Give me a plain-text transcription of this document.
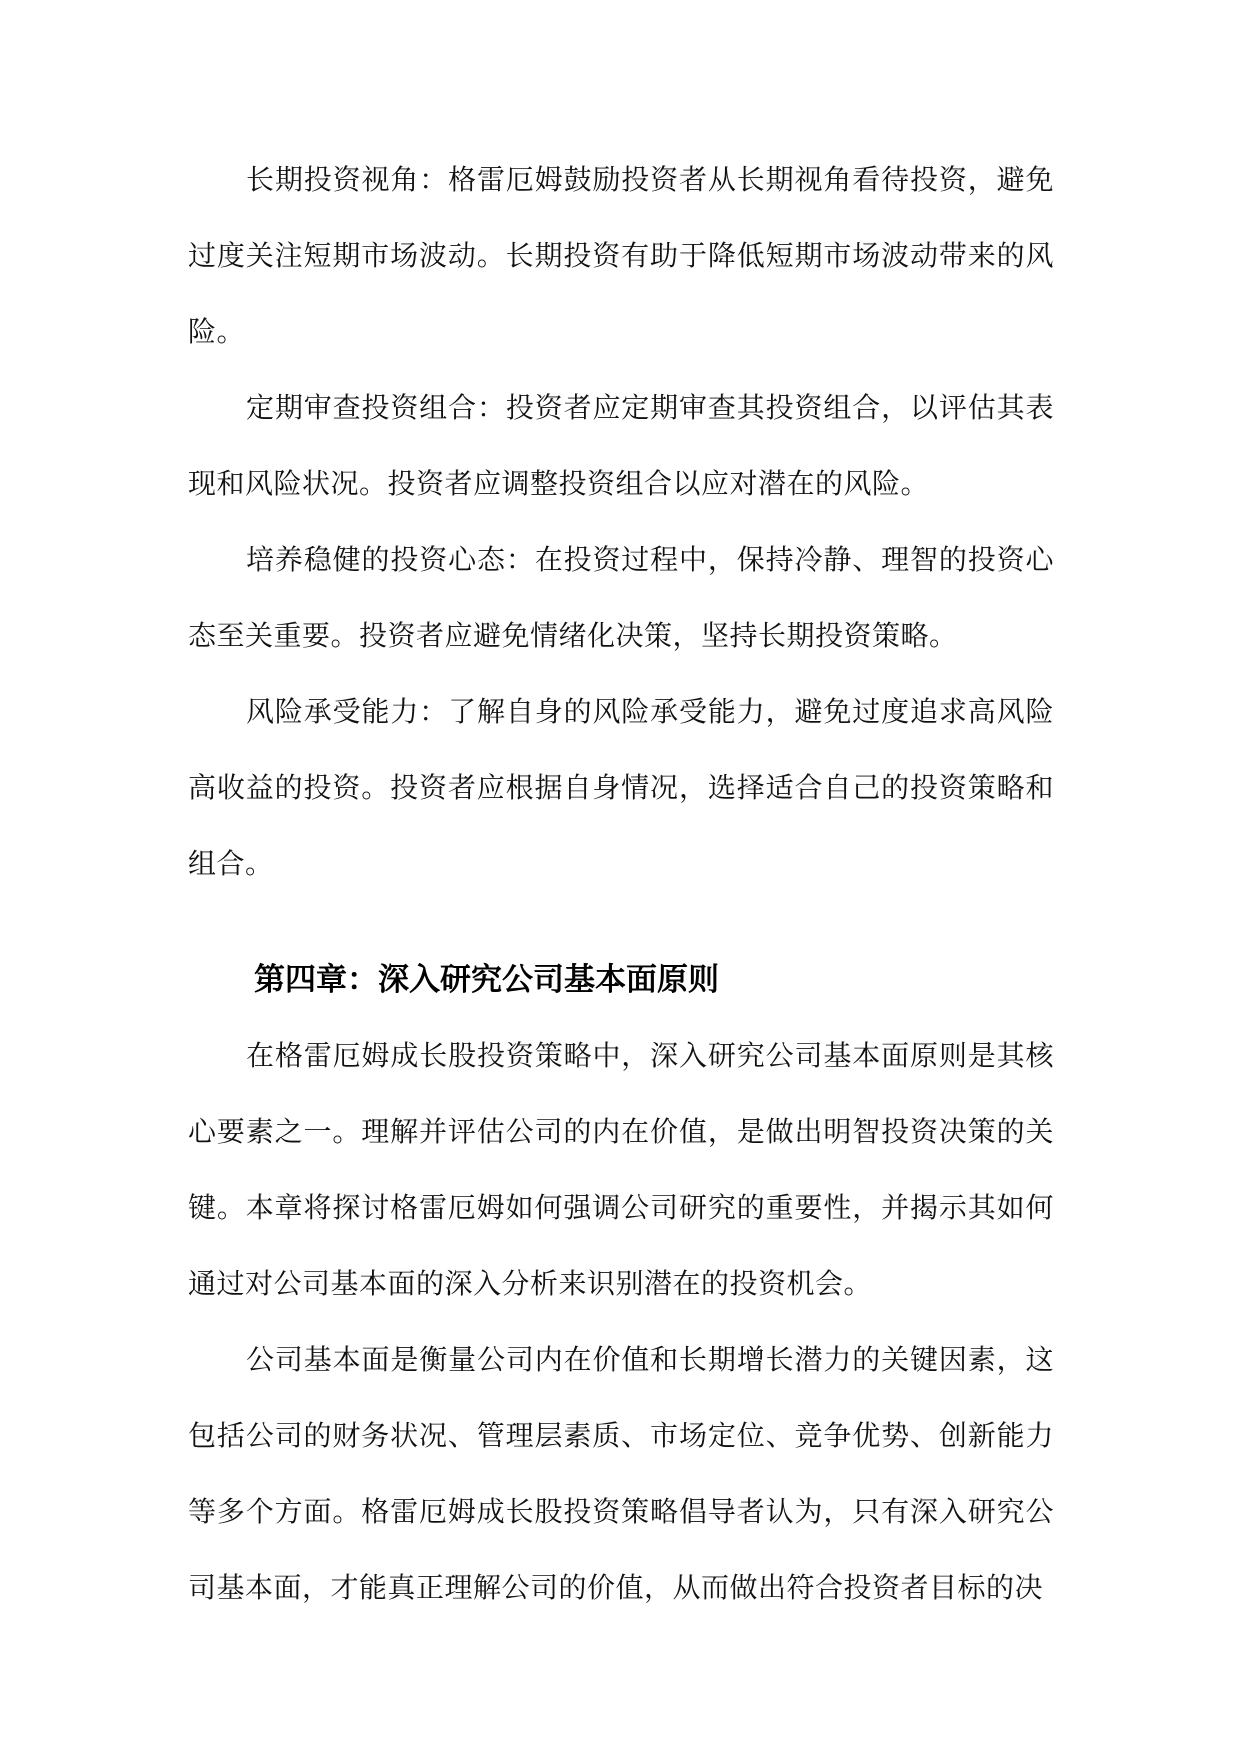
长期投资视角：格雷厄姆鼓励投资者从长期视角看待投资，避免过度关注短期市场波动。长期投资有助于降低短期市场波动带来的风险。

定期审查投资组合：投资者应定期审查其投资组合，以评估其表现和风险状况。投资者应调整投资组合以应对潜在的风险。

培养稳健的投资心态：在投资过程中，保持冷静、理智的投资心态至关重要。投资者应避免情绪化决策，坚持长期投资策略。

风险承受能力：了解自身的风险承受能力，避免过度追求高风险高收益的投资。投资者应根据自身情况，选择适合自己的投资策略和组合。

第四章：深入研究公司基本面原则

在格雷厄姆成长股投资策略中，深入研究公司基本面原则是其核心要素之一。理解并评估公司的内在价值，是做出明智投资决策的关键。本章将探讨格雷厄姆如何强调公司研究的重要性，并揭示其如何通过对公司基本面的深入分析来识别潜在的投资机会。

公司基本面是衡量公司内在价值和长期增长潜力的关键因素，这包括公司的财务状况、管理层素质、市场定位、竞争优势、创新能力等多个方面。格雷厄姆成长股投资策略倡导者认为，只有深入研究公司基本面，才能真正理解公司的价值，从而做出符合投资者目标的决
